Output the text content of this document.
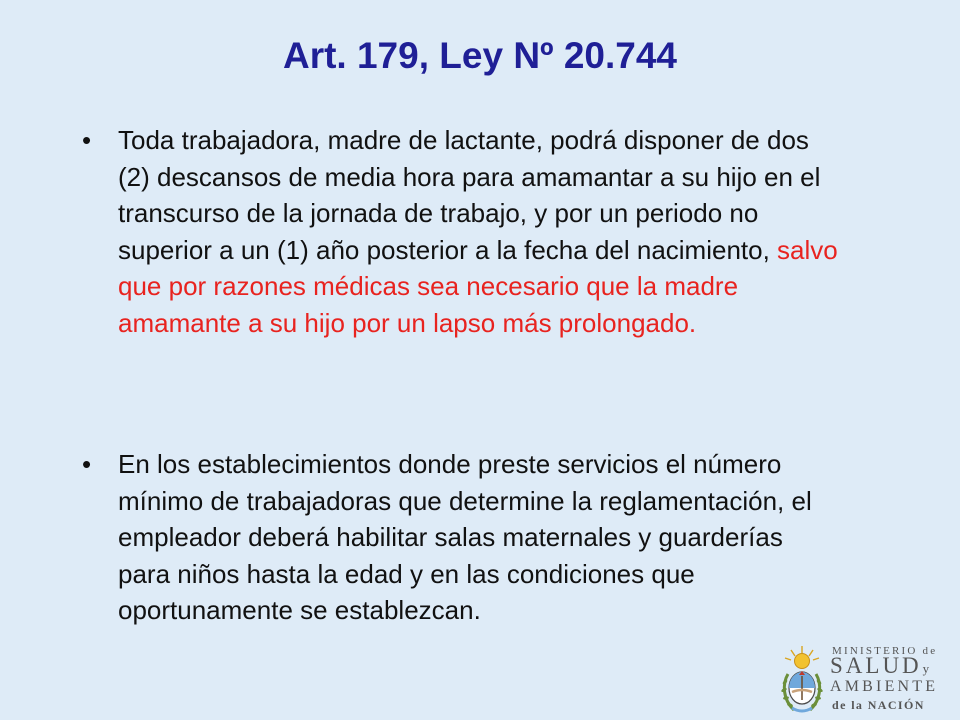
Art. 179, Ley Nº 20.744
•	Toda trabajadora, madre de lactante, podrá disponer de dos (2) descansos de media hora para amamantar a su hijo en el transcurso de la jornada de trabajo, y por un periodo no superior a un (1) año posterior a la fecha del nacimiento, salvo que por razones médicas sea necesario que la madre amamante a su hijo por un lapso más prolongado.
•	En los establecimientos donde preste servicios el número mínimo de trabajadoras que determine la reglamentación, el empleador deberá habilitar salas maternales y guarderías para niños hasta la edad y en las condiciones que oportunamente se establezcan.
MINISTERIO de
SALUDy
AMBIENTE
de la NACIÓN
